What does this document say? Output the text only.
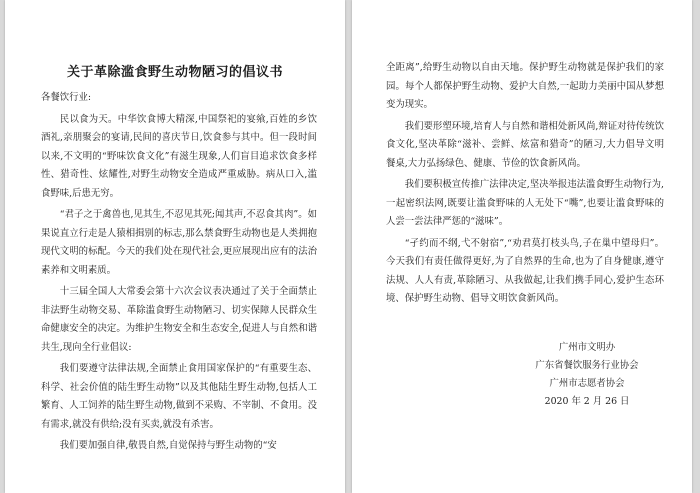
关于革除滥食野生动物陋习的倡议书

各餐饮行业:

民以食为天。中华饮食博大精深,中国祭祀的宴飨,百姓的乡饮酒礼,亲朋聚会的宴请,民间的喜庆节日,饮食参与其中。但一段时间以来,不文明的“野味饮食文化”有滋生现象,人们盲目追求饮食多样性、猎奇性、炫耀性,对野生动物安全造成严重威胁。病从口入,滥食野味,后患无穷。

“君子之于禽兽也,见其生,不忍见其死;闻其声,不忍食其肉”。如果说直立行走是人猿相揖别的标志,那么禁食野生动物也是人类拥抱现代文明的标配。今天的我们处在现代社会,更应展现出应有的法治素养和文明素质。

十三届全国人大常委会第十六次会议表决通过了关于全面禁止非法野生动物交易、革除滥食野生动物陋习、切实保障人民群众生命健康安全的决定。为维护生物安全和生态安全,促进人与自然和谐共生,现向全行业倡议:

我们要遵守法律法规,全面禁止食用国家保护的“有重要生态、科学、社会价值的陆生野生动物”以及其他陆生野生动物,包括人工繁育、人工饲养的陆生野生动物,做到不采购、不宰制、不食用。没有需求,就没有供给;没有买卖,就没有杀害。

我们要加强自律,敬畏自然,自觉保持与野生动物的“安

全距离”,给野生动物以自由天地。保护野生动物就是保护我们的家园。每个人都保护野生动物、爱护大自然,一起助力美丽中国从梦想变为现实。

我们要形塑环境,培育人与自然和谐相处新风尚,辩证对待传统饮食文化,坚决革除“滋补、尝鲜、炫富和猎奇”的陋习,大力倡导文明餐桌,大力弘扬绿色、健康、节俭的饮食新风尚。

我们要积极宣传推广法律决定,坚决举报违法滥食野生动物行为,一起密织法网,既要让滥食野味的人无处下“嘴”,也要让滥食野味的人尝一尝法律严惩的“滋味”。

“孑约而不纲,弋不射宿”,“劝君莫打枝头鸟,子在巢中望母归”。今天我们有责任做得更好,为了自然界的生命,也为了自身健康,遵守法规、人人有责,革除陋习、从我做起,让我们携手同心,爱护生态环境、保护野生动物、倡导文明饮食新风尚。

广州市文明办
广东省餐饮服务行业协会
广州市志愿者协会
2020 年 2 月 26 日
